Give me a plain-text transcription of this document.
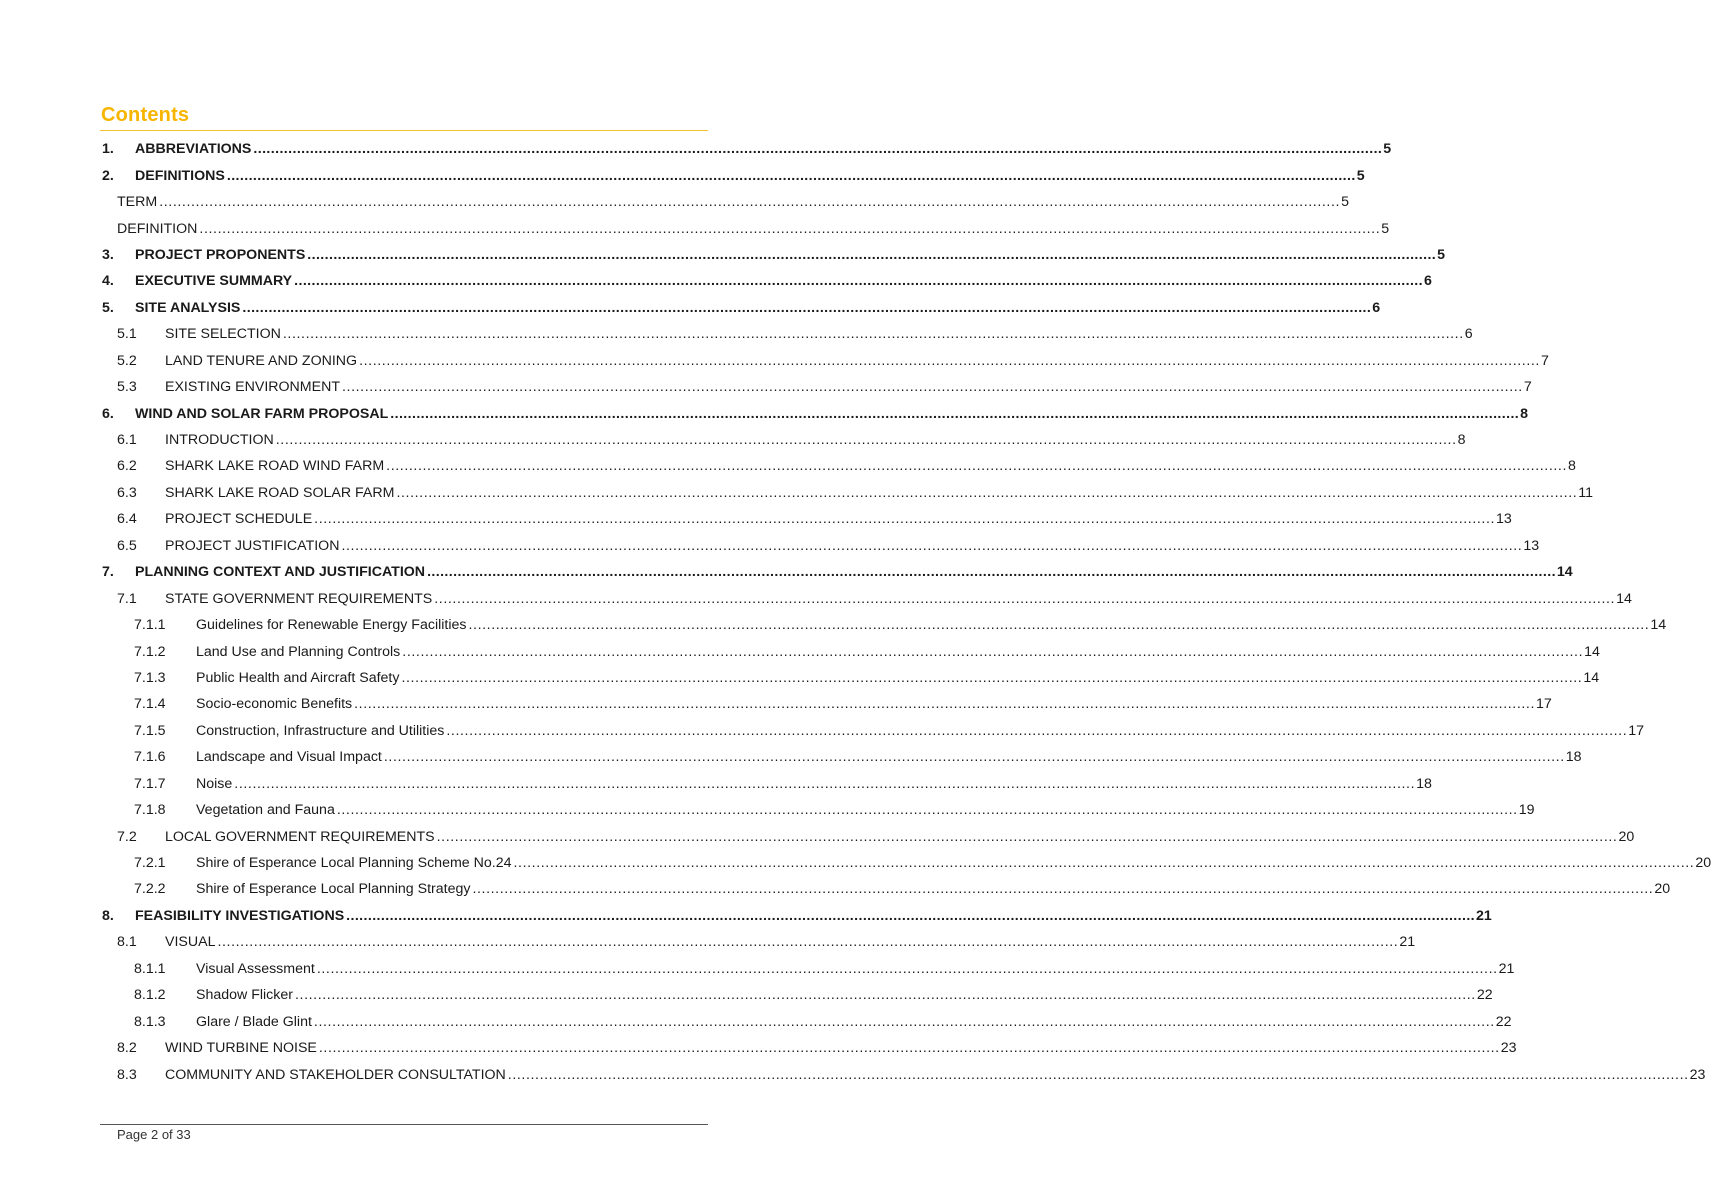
Contents
1.	ABBREVIATIONS .................................................................................................................................................................................................................................................................... 5
2.	DEFINITIONS .................................................................................................................................................................................................................................................................... 5
TERM .................................................................................................................................................................................................................................................................... 5
DEFINITION .................................................................................................................................................................................................................................................................... 5
3.	PROJECT PROPONENTS .................................................................................................................................................................................................................................................................... 5
4.	EXECUTIVE SUMMARY .................................................................................................................................................................................................................................................................... 6
5.	SITE ANALYSIS .................................................................................................................................................................................................................................................................... 6
5.1	SITE SELECTION .................................................................................................................................................................................................................................................................... 6
5.2	LAND TENURE AND ZONING .................................................................................................................................................................................................................................................................... 7
5.3	EXISTING ENVIRONMENT .................................................................................................................................................................................................................................................................... 7
6.	WIND AND SOLAR FARM PROPOSAL .................................................................................................................................................................................................................................................................... 8
6.1	INTRODUCTION .................................................................................................................................................................................................................................................................... 8
6.2	SHARK LAKE ROAD WIND FARM .................................................................................................................................................................................................................................................................... 8
6.3	SHARK LAKE ROAD SOLAR FARM .................................................................................................................................................................................................................................................................... 11
6.4	PROJECT SCHEDULE .................................................................................................................................................................................................................................................................... 13
6.5	PROJECT JUSTIFICATION .................................................................................................................................................................................................................................................................... 13
7.	PLANNING CONTEXT AND JUSTIFICATION .................................................................................................................................................................................................................................................................... 14
7.1	STATE GOVERNMENT REQUIREMENTS .................................................................................................................................................................................................................................................................... 14
7.1.1	Guidelines for Renewable Energy Facilities .................................................................................................................................................................................................................................................................... 14
7.1.2	Land Use and Planning Controls .................................................................................................................................................................................................................................................................... 14
7.1.3	Public Health and Aircraft Safety .................................................................................................................................................................................................................................................................... 14
7.1.4	Socio-economic Benefits .................................................................................................................................................................................................................................................................... 17
7.1.5	Construction, Infrastructure and Utilities .................................................................................................................................................................................................................................................................... 17
7.1.6	Landscape and Visual Impact .................................................................................................................................................................................................................................................................... 18
7.1.7	Noise .................................................................................................................................................................................................................................................................... 18
7.1.8	Vegetation and Fauna .................................................................................................................................................................................................................................................................... 19
7.2	LOCAL GOVERNMENT REQUIREMENTS .................................................................................................................................................................................................................................................................... 20
7.2.1	Shire of Esperance Local Planning Scheme No.24 .................................................................................................................................................................................................................................................................... 20
7.2.2	Shire of Esperance Local Planning Strategy .................................................................................................................................................................................................................................................................... 20
8.	FEASIBILITY INVESTIGATIONS .................................................................................................................................................................................................................................................................... 21
8.1	VISUAL .................................................................................................................................................................................................................................................................... 21
8.1.1	Visual Assessment .................................................................................................................................................................................................................................................................... 21
8.1.2	Shadow Flicker .................................................................................................................................................................................................................................................................... 22
8.1.3	Glare / Blade Glint .................................................................................................................................................................................................................................................................... 22
8.2	WIND TURBINE NOISE .................................................................................................................................................................................................................................................................... 23
8.3	COMMUNITY AND STAKEHOLDER CONSULTATION .................................................................................................................................................................................................................................................................... 23
Page 2 of 33
